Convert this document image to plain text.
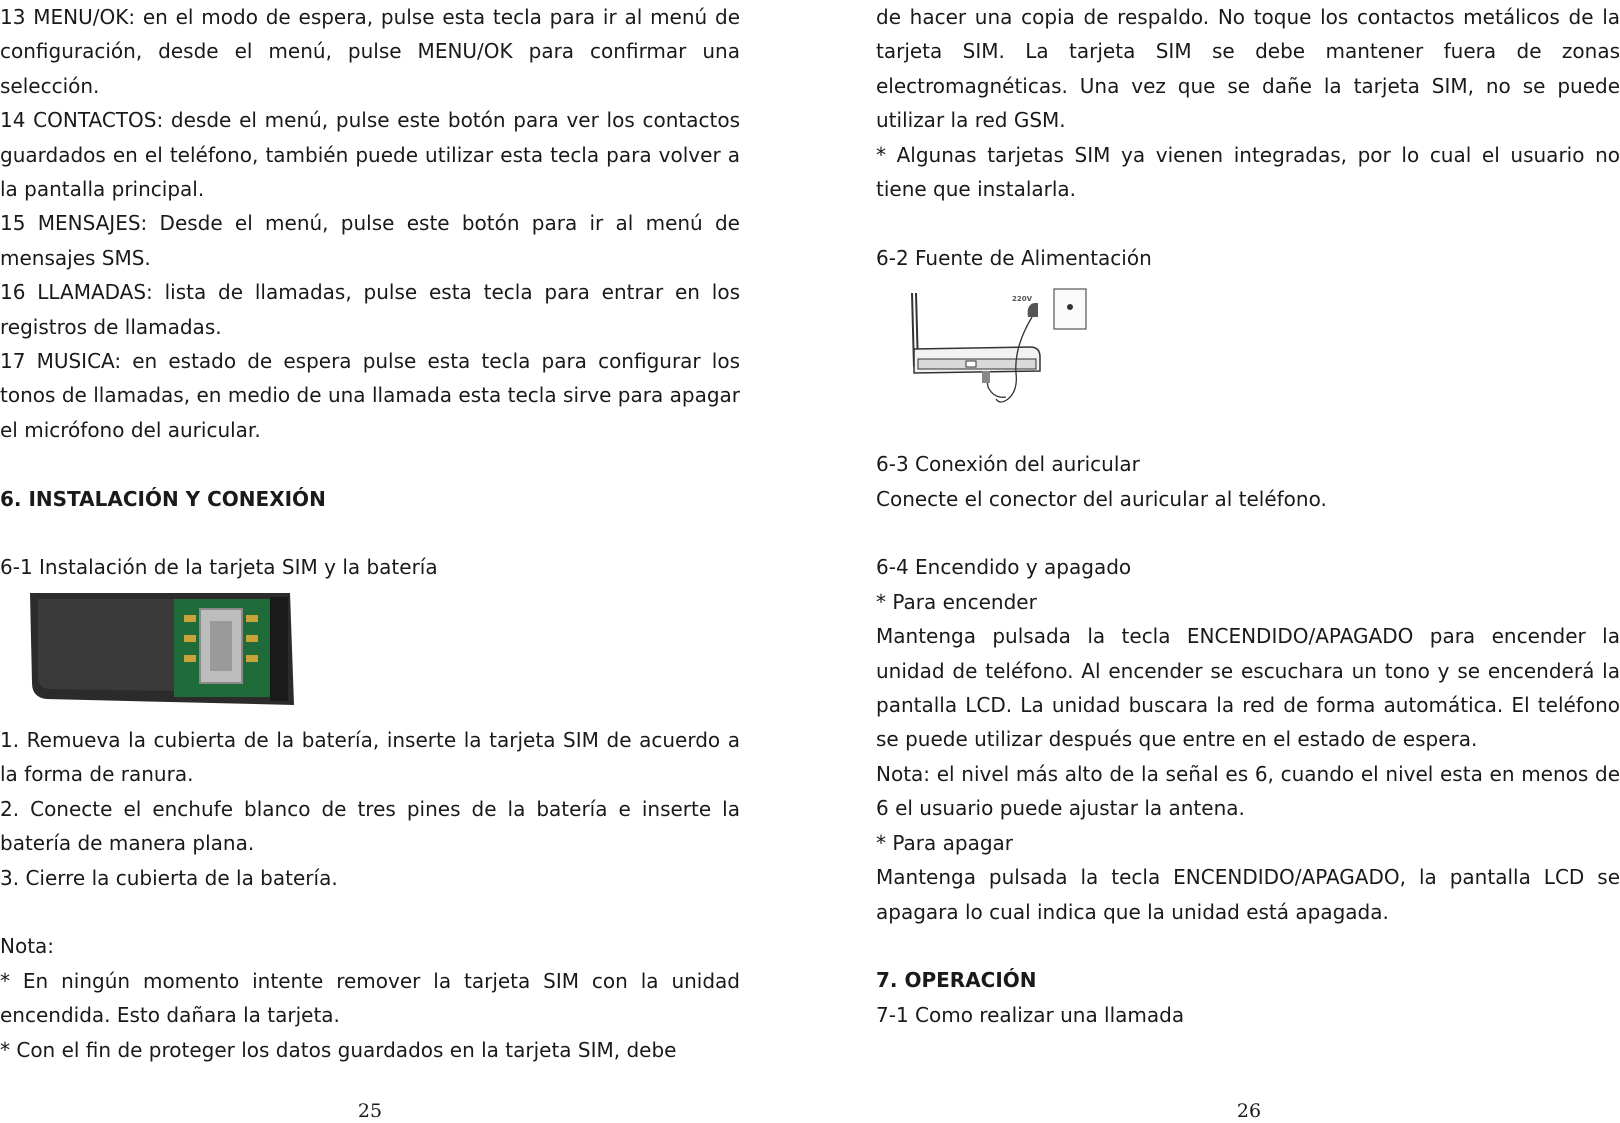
13 MENU/OK: en el modo de espera, pulse esta tecla para ir al menú de configuración, desde el menú, pulse MENU/OK para confirmar una selección.

14 CONTACTOS: desde el menú, pulse este botón para ver los contactos guardados en el teléfono, también puede utilizar esta tecla para volver a la pantalla principal.

15 MENSAJES: Desde el menú, pulse este botón para ir al menú de mensajes SMS.

16 LLAMADAS: lista de llamadas, pulse esta tecla para entrar en los registros de llamadas.

17 MUSICA: en estado de espera pulse esta tecla para configurar los tonos de llamadas, en medio de una llamada esta tecla sirve para apagar el micrófono del auricular.

6. INSTALACIÓN Y CONEXIÓN

6-1 Instalación de la tarjeta SIM y la batería

1. Remueva la cubierta de la batería, inserte la tarjeta SIM de acuerdo a la forma de ranura.

2. Conecte el enchufe blanco de tres pines de la batería e inserte la batería de manera plana.

3. Cierre la cubierta de la batería.

Nota:

* En ningún momento intente remover la tarjeta SIM con la unidad encendida. Esto dañara la tarjeta.

* Con el fin de proteger los datos guardados en la tarjeta SIM, debe

25

de hacer una copia de respaldo. No toque los contactos metálicos de la tarjeta SIM. La tarjeta SIM se debe mantener fuera de zonas electromagnéticas. Una vez que se dañe la tarjeta SIM, no se puede utilizar la red GSM.

* Algunas tarjetas SIM ya vienen integradas, por lo cual el usuario no tiene que instalarla.

6-2 Fuente de Alimentación

220V

6-3 Conexión del auricular

Conecte el conector del auricular al teléfono.

6-4 Encendido y apagado

* Para encender

Mantenga pulsada la tecla ENCENDIDO/APAGADO para encender la unidad de teléfono. Al encender se escuchara un tono y se encenderá la pantalla LCD. La unidad buscara la red de forma automática. El teléfono se puede utilizar después que entre en el estado de espera.

Nota: el nivel más alto de la señal es 6, cuando el nivel esta en menos de 6 el usuario puede ajustar la antena.

* Para apagar

Mantenga pulsada la tecla ENCENDIDO/APAGADO, la pantalla LCD se apagara lo cual indica que la unidad está apagada.

7. OPERACIÓN

7-1 Como realizar una llamada

26
